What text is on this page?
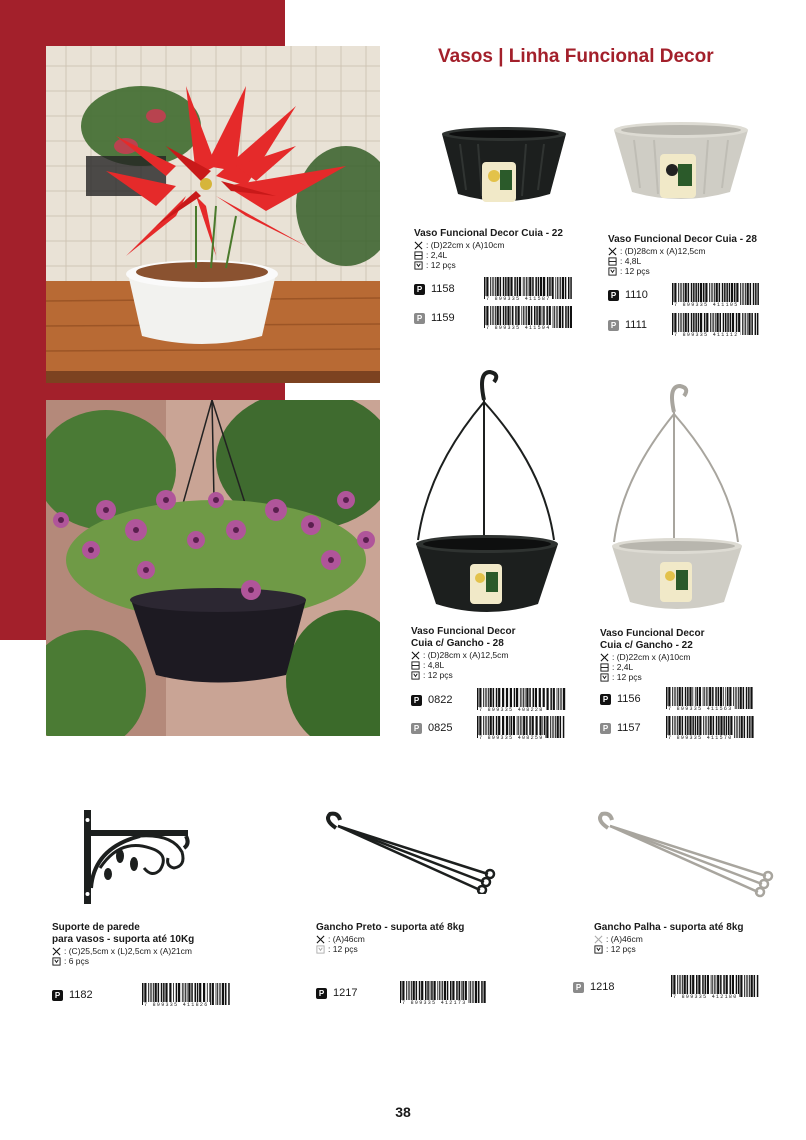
Vasos | Linha Funcional Decor
Vaso Funcional Decor Cuia - 22
: (D)22cm x (A)10cm
: 2,4L
: 12 pçs
Vaso Funcional Decor Cuia - 28
: (D)28cm x (A)12,5cm
: 4,8L
: 12 pçs
Vaso Funcional Decor
Cuia c/ Gancho - 28
: (D)28cm x (A)12,5cm
: 4,8L
: 12 pçs
Vaso Funcional Decor
Cuia c/ Gancho - 22
: (D)22cm x (A)10cm
: 2,4L
: 12 pçs
Suporte de parede
para vasos - suporta até 10Kg
: (C)25,5cm x (L)2,5cm x (A)21cm
: 6 pçs
Gancho Preto - suporta até 8kg
: (A)46cm
: 12 pçs
Gancho Palha - suporta até 8kg
: (A)46cm
: 12 pçs
P 1158
7 899335 411587
P 1159
7 899335 411594
P 1110
7 899335 411105
P 1111
7 899335 411112
P 0822
7 899335 408228
P 0825
7 899335 408259
P 1156
7 899335 411563
P 1157
7 899335 411570
P 1182
7 899335 411826
P 1217
7 899335 412173
P 1218
7 899335 412180
38
